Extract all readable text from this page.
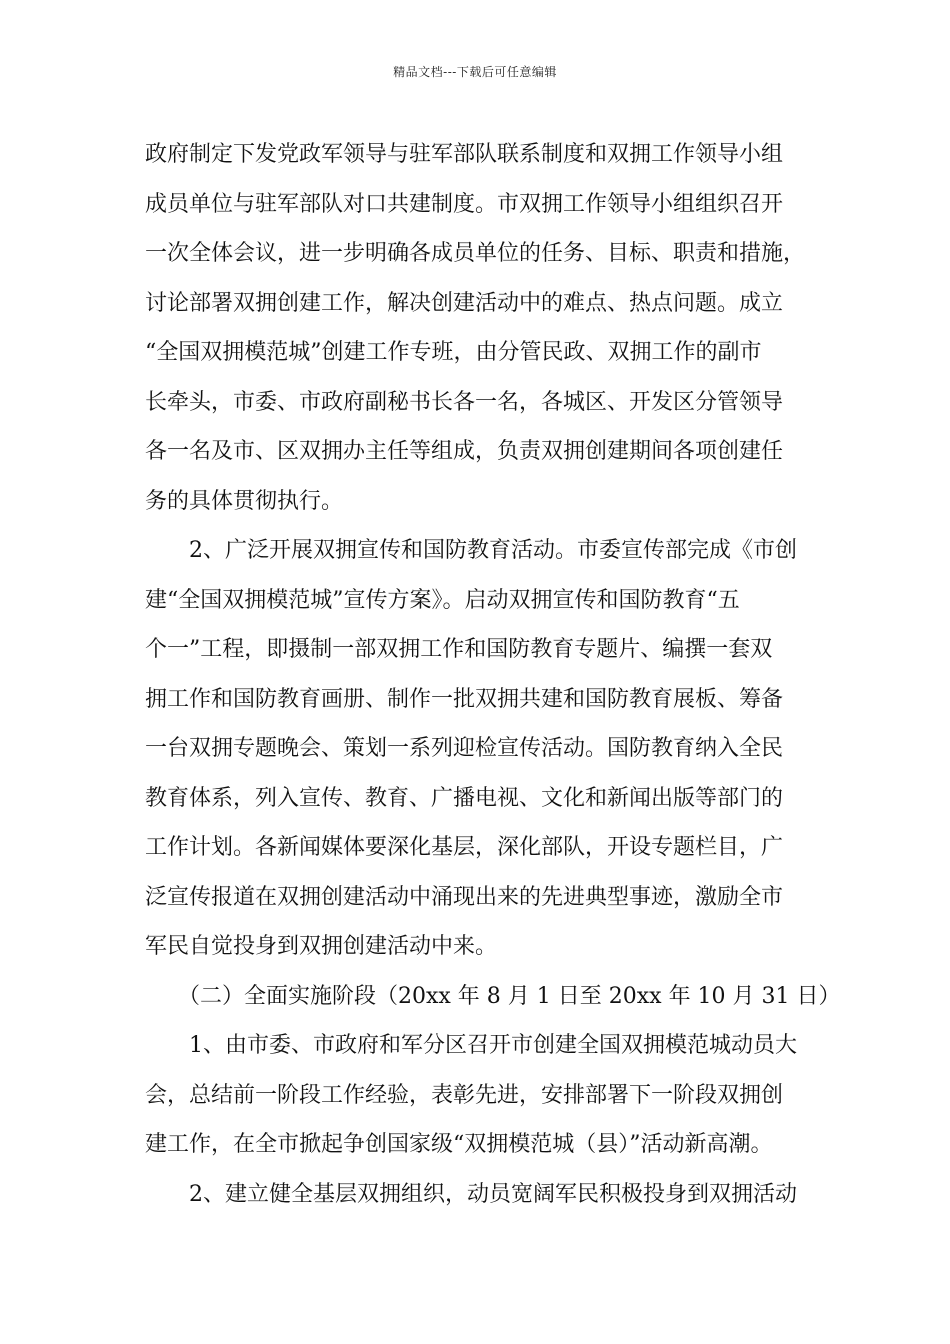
精品文档---下载后可任意编辑
政府制定下发党政军领导与驻军部队联系制度和双拥工作领导小组
成员单位与驻军部队对口共建制度。市双拥工作领导小组组织召开
一次全体会议，进一步明确各成员单位的任务、目标、职责和措施，
讨论部署双拥创建工作，解决创建活动中的难点、热点问题。成立
“全国双拥模范城”创建工作专班，由分管民政、双拥工作的副市
长牵头，市委、市政府副秘书长各一名，各城区、开发区分管领导
各一名及市、区双拥办主任等组成，负责双拥创建期间各项创建任
务的具体贯彻执行。
　　2、广泛开展双拥宣传和国防教育活动。市委宣传部完成《市创
建“全国双拥模范城”宣传方案》。启动双拥宣传和国防教育“五
个一”工程，即摄制一部双拥工作和国防教育专题片、编撰一套双
拥工作和国防教育画册、制作一批双拥共建和国防教育展板、筹备
一台双拥专题晚会、策划一系列迎检宣传活动。国防教育纳入全民
教育体系，列入宣传、教育、广播电视、文化和新闻出版等部门的
工作计划。各新闻媒体要深化基层，深化部队，开设专题栏目，广
泛宣传报道在双拥创建活动中涌现出来的先进典型事迹，激励全市
军民自觉投身到双拥创建活动中来。
　　（二）全面实施阶段（20xx 年 8 月 1 日至 20xx 年 10 月 31 日）
　　1、由市委、市政府和军分区召开市创建全国双拥模范城动员大
会，总结前一阶段工作经验，表彰先进，安排部署下一阶段双拥创
建工作，在全市掀起争创国家级“双拥模范城（县）”活动新高潮。
　　2、建立健全基层双拥组织，动员宽阔军民积极投身到双拥活动
